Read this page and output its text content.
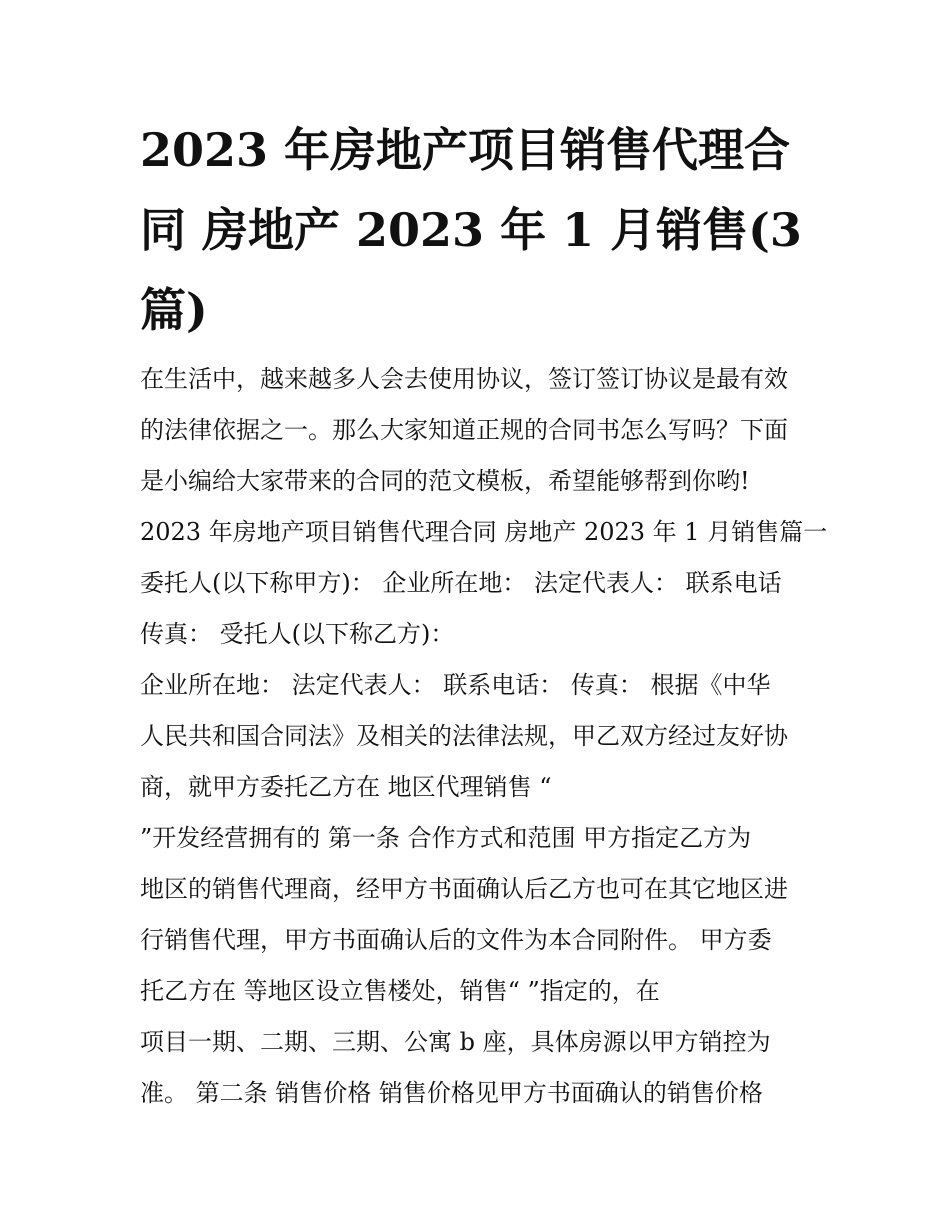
2023 年房地产项目销售代理合
同 房地产 2023 年 1 月销售(3
篇)
在生活中，越来越多人会去使用协议，签订签订协议是最有效
的法律依据之一。那么大家知道正规的合同书怎么写吗？下面
是小编给大家带来的合同的范文模板，希望能够帮到你哟!
2023 年房地产项目销售代理合同 房地产 2023 年 1 月销售篇一
委托人(以下称甲方)： 企业所在地： 法定代表人： 联系电话
传真： 受托人(以下称乙方)：
企业所在地： 法定代表人： 联系电话： 传真： 根据《中华
人民共和国合同法》及相关的法律法规，甲乙双方经过友好协
商，就甲方委托乙方在 地区代理销售 “
”开发经营拥有的 第一条 合作方式和范围 甲方指定乙方为
地区的销售代理商，经甲方书面确认后乙方也可在其它地区进
行销售代理，甲方书面确认后的文件为本合同附件。 甲方委
托乙方在 等地区设立售楼处，销售“ ”指定的，在
项目一期、二期、三期、公寓 b 座，具体房源以甲方销控为
准。 第二条 销售价格 销售价格见甲方书面确认的销售价格
